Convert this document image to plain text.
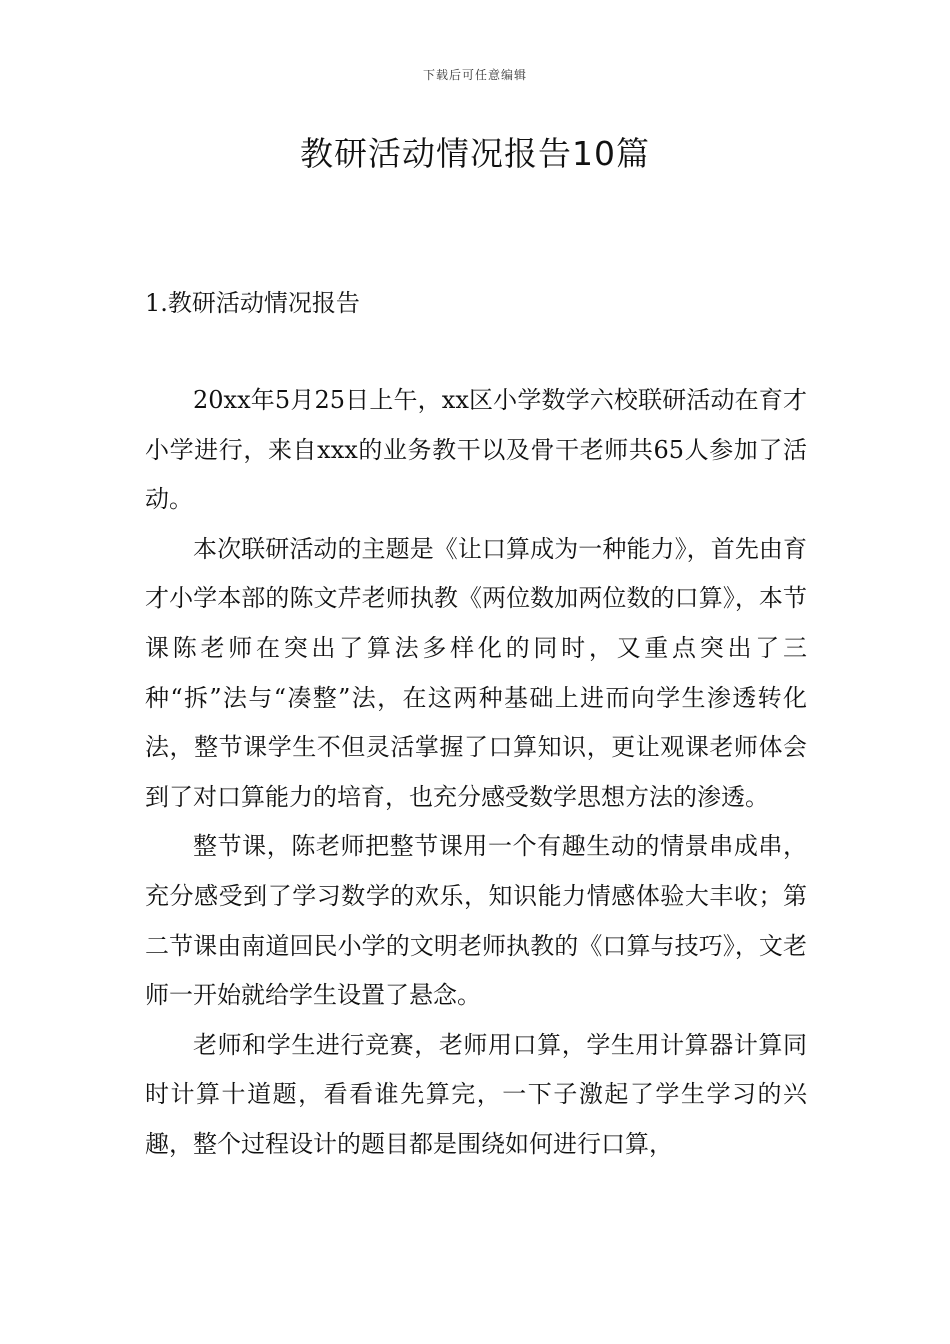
下载后可任意编辑
教研活动情况报告10篇
1.教研活动情况报告

20xx年5月25日上午，xx区小学数学六校联研活动在育才小学进行，来自xxx的业务教干以及骨干老师共65人参加了活动。

本次联研活动的主题是《让口算成为一种能力》，首先由育才小学本部的陈文芹老师执教《两位数加两位数的口算》，本节课陈老师在突出了算法多样化的同时，又重点突出了三种“拆”法与“凑整”法，在这两种基础上进而向学生渗透转化法，整节课学生不但灵活掌握了口算知识，更让观课老师体会到了对口算能力的培育，也充分感受数学思想方法的渗透。

整节课，陈老师把整节课用一个有趣生动的情景串成串，充分感受到了学习数学的欢乐，知识能力情感体验大丰收；第二节课由南道回民小学的文明老师执教的《口算与技巧》，文老师一开始就给学生设置了悬念。

老师和学生进行竞赛，老师用口算，学生用计算器计算同时计算十道题，看看谁先算完，一下子激起了学生学习的兴趣，整个过程设计的题目都是围绕如何进行口算，
